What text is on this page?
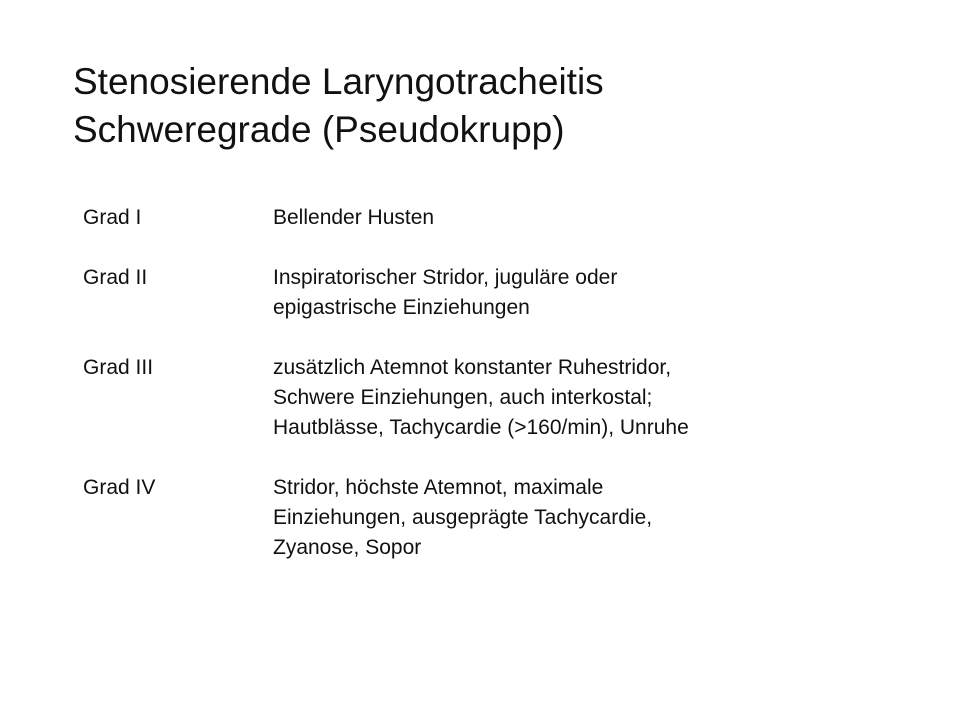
Stenosierende Laryngotracheitis
Schweregrade (Pseudokrupp)
Grad I	Bellender Husten
Grad II	Inspiratorischer Stridor, juguläre oder
epigastrische Einziehungen
Grad III	zusätzlich Atemnot konstanter Ruhestridor,
Schwere Einziehungen, auch interkostal;
Hautblässe, Tachycardie (>160/min), Unruhe
Grad IV	Stridor, höchste Atemnot, maximale
Einziehungen, ausgeprägte Tachycardie,
Zyanose, Sopor
